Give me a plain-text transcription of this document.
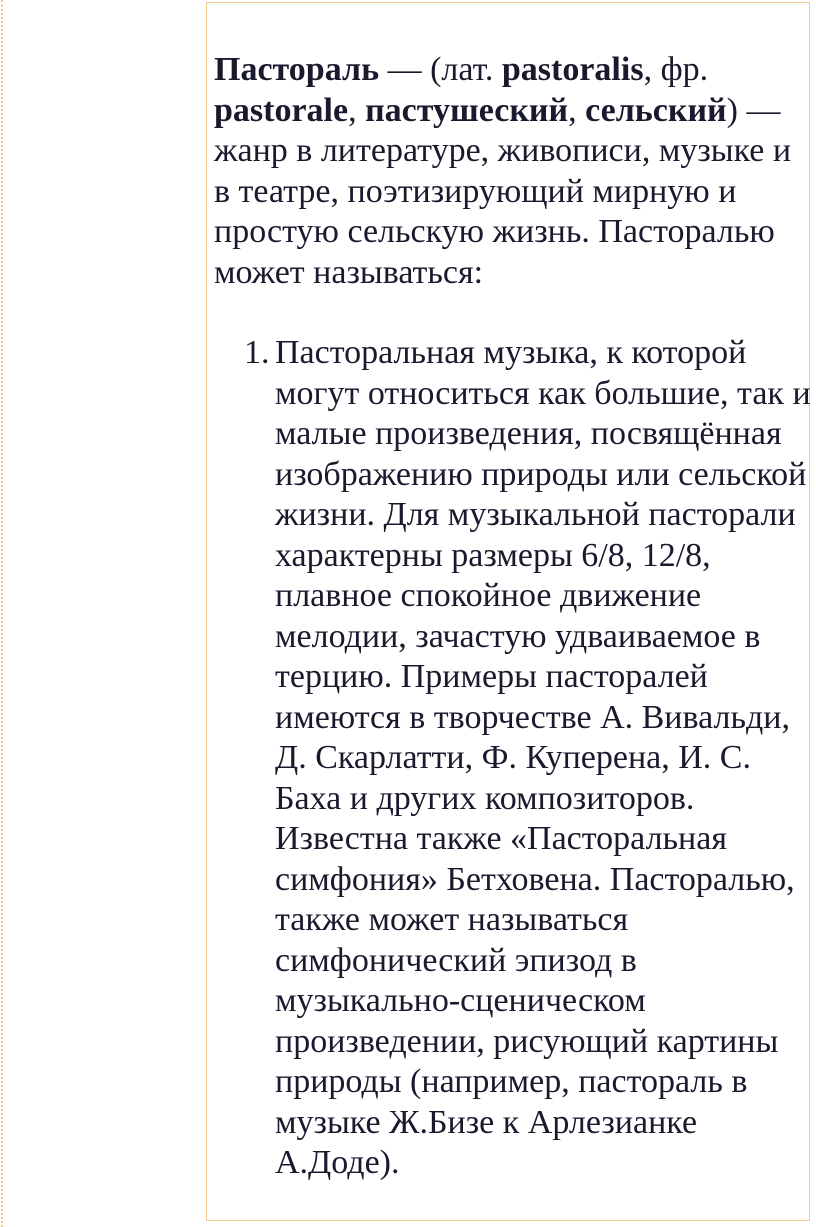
Пастораль — (лат. pastoralis, фр. pastorale, пастушеский, сельский) — жанр в литературе, живописи, музыке и в театре, поэтизирующий мирную и простую сельскую жизнь. Пасторалью может называться:

1. Пасторальная музыка, к которой могут относиться как большие, так и малые произведения, посвящённая изображению природы или сельской жизни. Для музыкальной пасторали характерны размеры 6/8, 12/8, плавное спокойное движение мелодии, зачастую удваиваемое в терцию. Примеры пасторалей имеются в творчестве А. Вивальди, Д. Скарлатти, Ф. Куперена, И. С. Баха и других композиторов. Известна также «Пасторальная симфония» Бетховена. Пасторалью, также может называться симфонический эпизод в музыкально-сценическом произведении, рисующий картины природы (например, пастораль в музыке Ж.Бизе к Арлезианке А.Доде).
